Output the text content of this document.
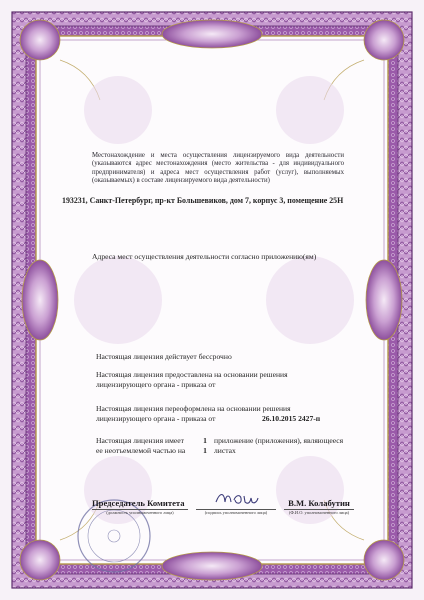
Местонахождение и места осуществления лицензируемого вида деятельности (указываются адрес местонахождения (место жительства - для индивидуального предпринимателя) и адреса мест осуществления работ (услуг), выполняемых (оказываемых) в составе лицензируемого вида деятельности)
193231, Санкт-Петербург, пр-кт Большевиков, дом 7, корпус 3, помещение 25Н
Адреса мест осуществления деятельности согласно приложению(ям)
Настоящая лицензия действует бессрочно
Настоящая лицензия предоставлена на основании решения лицензирующего органа - приказа от
Настоящая лицензия переоформлена на основании решения лицензирующего органа - приказа от	26.10.2015 2427-п
Настоящая лицензия имеет	1 приложение (приложения), являющееся
ее неотъемлемой частью на	1 листах
Председатель Комитета
(должность уполномоченного лица)	(подпись уполномоченного лица)
В.М. Колабутин
(Ф.И.О. уполномоченного лица)
